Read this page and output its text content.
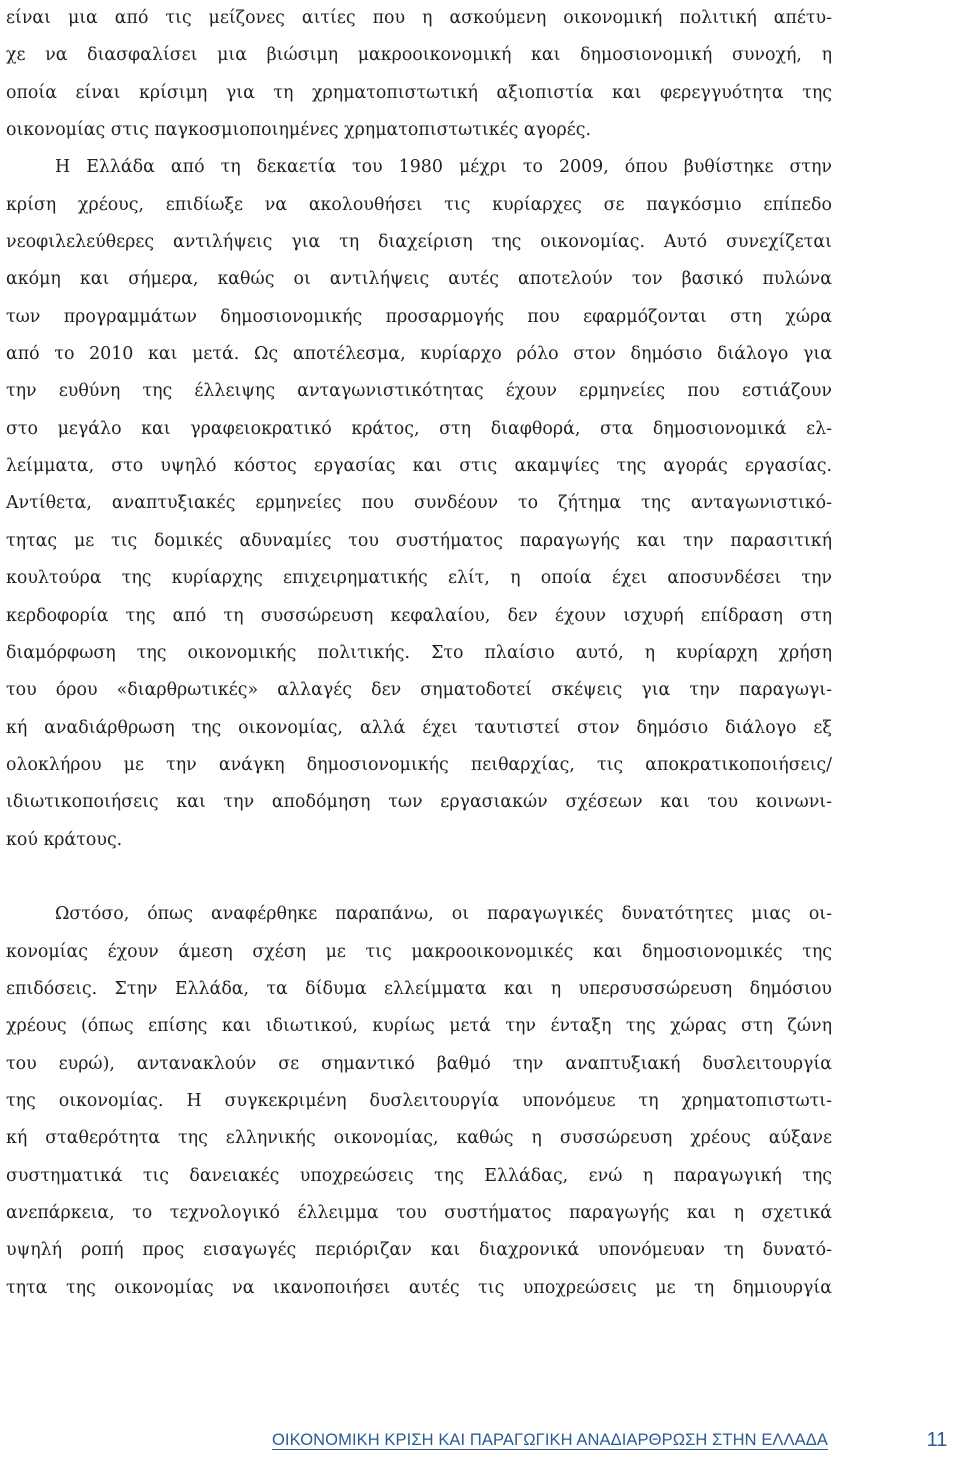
είναι μια από τις μείζονες αιτίες που η ασκούμενη οικονομική πολιτική απέτυ-
χε να διασφαλίσει μια βιώσιμη μακροοικονομική και δημοσιονομική συνοχή, η
οποία είναι κρίσιμη για τη χρηματοπιστωτική αξιοπιστία και φερεγγυότητα της
οικονομίας στις παγκοσμιοποιημένες χρηματοπιστωτικές αγορές.
Η Ελλάδα από τη δεκαετία του 1980 μέχρι το 2009, όπου βυθίστηκε στην
κρίση χρέους, επιδίωξε να ακολουθήσει τις κυρίαρχες σε παγκόσμιο επίπεδο
νεοφιλελεύθερες αντιλήψεις για τη διαχείριση της οικονομίας. Αυτό συνεχίζεται
ακόμη και σήμερα, καθώς οι αντιλήψεις αυτές αποτελούν τον βασικό πυλώνα
των προγραμμάτων δημοσιονομικής προσαρμογής που εφαρμόζονται στη χώρα
από το 2010 και μετά. Ως αποτέλεσμα, κυρίαρχο ρόλο στον δημόσιο διάλογο για
την ευθύνη της έλλειψης ανταγωνιστικότητας έχουν ερμηνείες που εστιάζουν
στο μεγάλο και γραφειοκρατικό κράτος, στη διαφθορά, στα δημοσιονομικά ελ-
λείμματα, στο υψηλό κόστος εργασίας και στις ακαμψίες της αγοράς εργασίας.
Αντίθετα, αναπτυξιακές ερμηνείες που συνδέουν το ζήτημα της ανταγωνιστικό-
τητας με τις δομικές αδυναμίες του συστήματος παραγωγής και την παρασιτική
κουλτούρα της κυρίαρχης επιχειρηματικής ελίτ, η οποία έχει αποσυνδέσει την
κερδοφορία της από τη συσσώρευση κεφαλαίου, δεν έχουν ισχυρή επίδραση στη
διαμόρφωση της οικονομικής πολιτικής. Στο πλαίσιο αυτό, η κυρίαρχη χρήση
του όρου «διαρθρωτικές» αλλαγές δεν σηματοδοτεί σκέψεις για την παραγωγι-
κή αναδιάρθρωση της οικονομίας, αλλά έχει ταυτιστεί στον δημόσιο διάλογο εξ
ολοκλήρου με την ανάγκη δημοσιονομικής πειθαρχίας, τις αποκρατικοποιήσεις/
ιδιωτικοποιήσεις και την αποδόμηση των εργασιακών σχέσεων και του κοινωνι-
κού κράτους.
Ωστόσο, όπως αναφέρθηκε παραπάνω, οι παραγωγικές δυνατότητες μιας οι-
κονομίας έχουν άμεση σχέση με τις μακροοικονομικές και δημοσιονομικές της
επιδόσεις. Στην Ελλάδα, τα δίδυμα ελλείμματα και η υπερσυσσώρευση δημόσιου
χρέους (όπως επίσης και ιδιωτικού, κυρίως μετά την ένταξη της χώρας στη ζώνη
του ευρώ), αντανακλούν σε σημαντικό βαθμό την αναπτυξιακή δυσλειτουργία
της οικονομίας. Η συγκεκριμένη δυσλειτουργία υπονόμευε τη χρηματοπιστωτι-
κή σταθερότητα της ελληνικής οικονομίας, καθώς η συσσώρευση χρέους αύξανε
συστηματικά τις δανειακές υποχρεώσεις της Ελλάδας, ενώ η παραγωγική της
ανεπάρκεια, το τεχνολογικό έλλειμμα του συστήματος παραγωγής και η σχετικά
υψηλή ροπή προς εισαγωγές περιόριζαν και διαχρονικά υπονόμευαν τη δυνατό-
τητα της οικονομίας να ικανοποιήσει αυτές τις υποχρεώσεις με τη δημιουργία
ΟΙΚΟΝΟΜΙΚΗ ΚΡΙΣΗ ΚΑΙ ΠΑΡΑΓΩΓΙΚΗ ΑΝΑΔΙΑΡΘΡΩΣΗ ΣΤΗΝ ΕΛΛΑΔΑ	11
